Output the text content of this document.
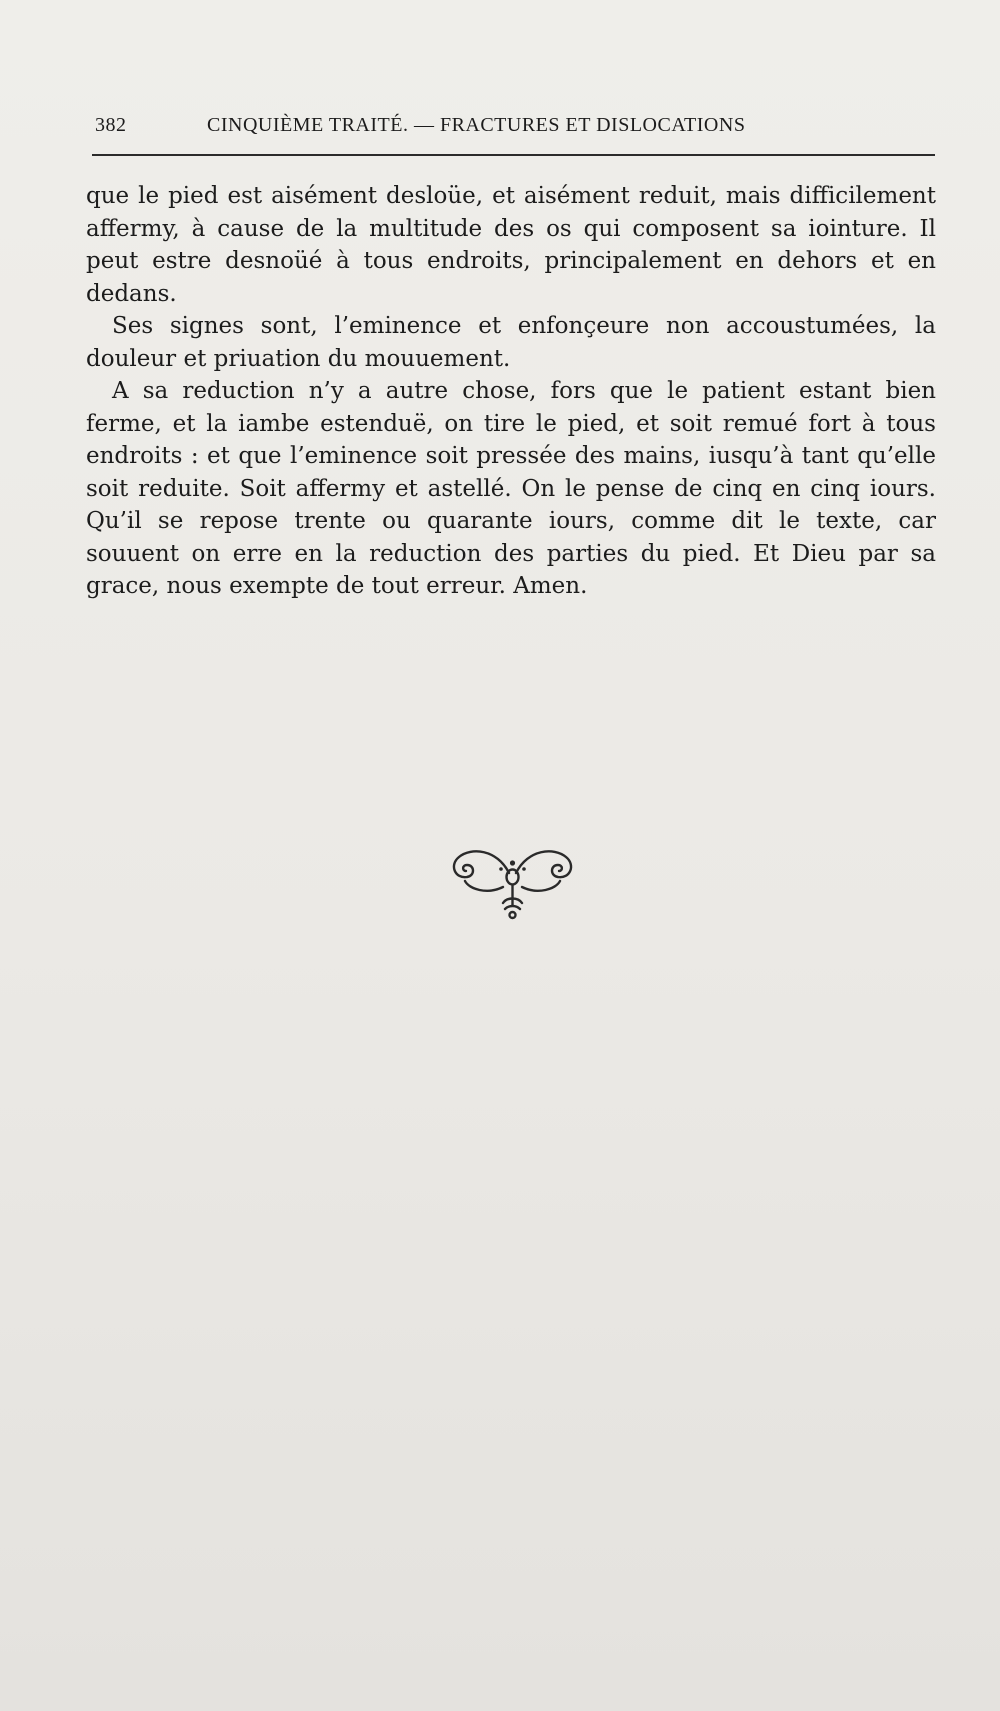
382	CINQUIÈME TRAITÉ. — FRACTURES ET DISLOCATIONS

que le pied est aisément desloüe, et aisément reduit, mais difficilement affermy, à cause de la multitude des os qui composent sa iointure. Il peut estre desnoüé à tous endroits, principalement en dehors et en dedans.

Ses signes sont, l’eminence et enfonçeure non accoustumées, la douleur et priuation du mouuement.

A sa reduction n’y a autre chose, fors que le patient estant bien ferme, et la iambe estenduë, on tire le pied, et soit remué fort à tous endroits : et que l’eminence soit pressée des mains, iusqu’à tant qu’elle soit reduite. Soit affermy et astellé. On le pense de cinq en cinq iours. Qu’il se repose trente ou quarante iours, comme dit le texte, car souuent on erre en la reduction des parties du pied. Et Dieu par sa grace, nous exempte de tout erreur. Amen.
